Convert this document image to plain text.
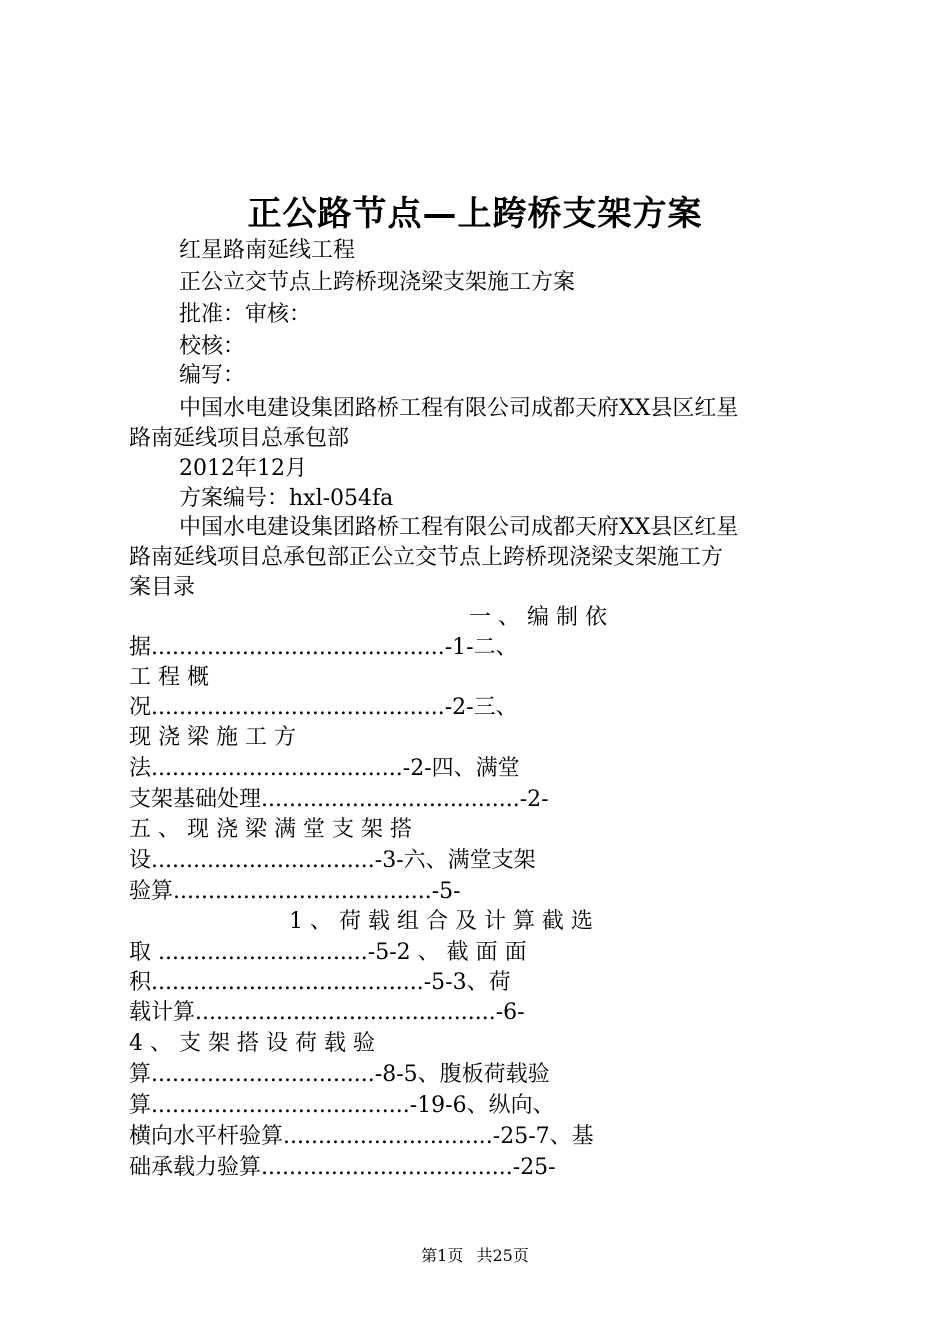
正公路节点—上跨桥支架方案
红星路南延线工程
正公立交节点上跨桥现浇梁支架施工方案
批准：审核：
校核：
编写：
中国水电建设集团路桥工程有限公司成都天府XX县区红星
路南延线项目总承包部
2012年12月
方案编号：hxl-054fa
中国水电建设集团路桥工程有限公司成都天府XX县区红星
路南延线项目总承包部正公立交节点上跨桥现浇梁支架施工方
案目录
一 、 编 制 依
据..........................................-1-二、
工 程 概
况..........................................-2-三、
现 浇 梁 施 工 方
法....................................-2-四、满堂
支架基础处理.....................................-2-
五 、 现 浇 梁 满 堂 支 架 搭
设................................-3-六、满堂支架
验算.....................................-5-
1 、 荷 载 组 合 及 计 算 截 选
取 ..............................-5-2 、 截 面 面
积.......................................-5-3、荷
载计算...........................................-6-
4 、 支 架 搭 设 荷 载 验
算................................-8-5、腹板荷载验
算.....................................-19-6、纵向、
横向水平杆验算..............................-25-7、基
础承载力验算....................................-25-
第1页 共25页
